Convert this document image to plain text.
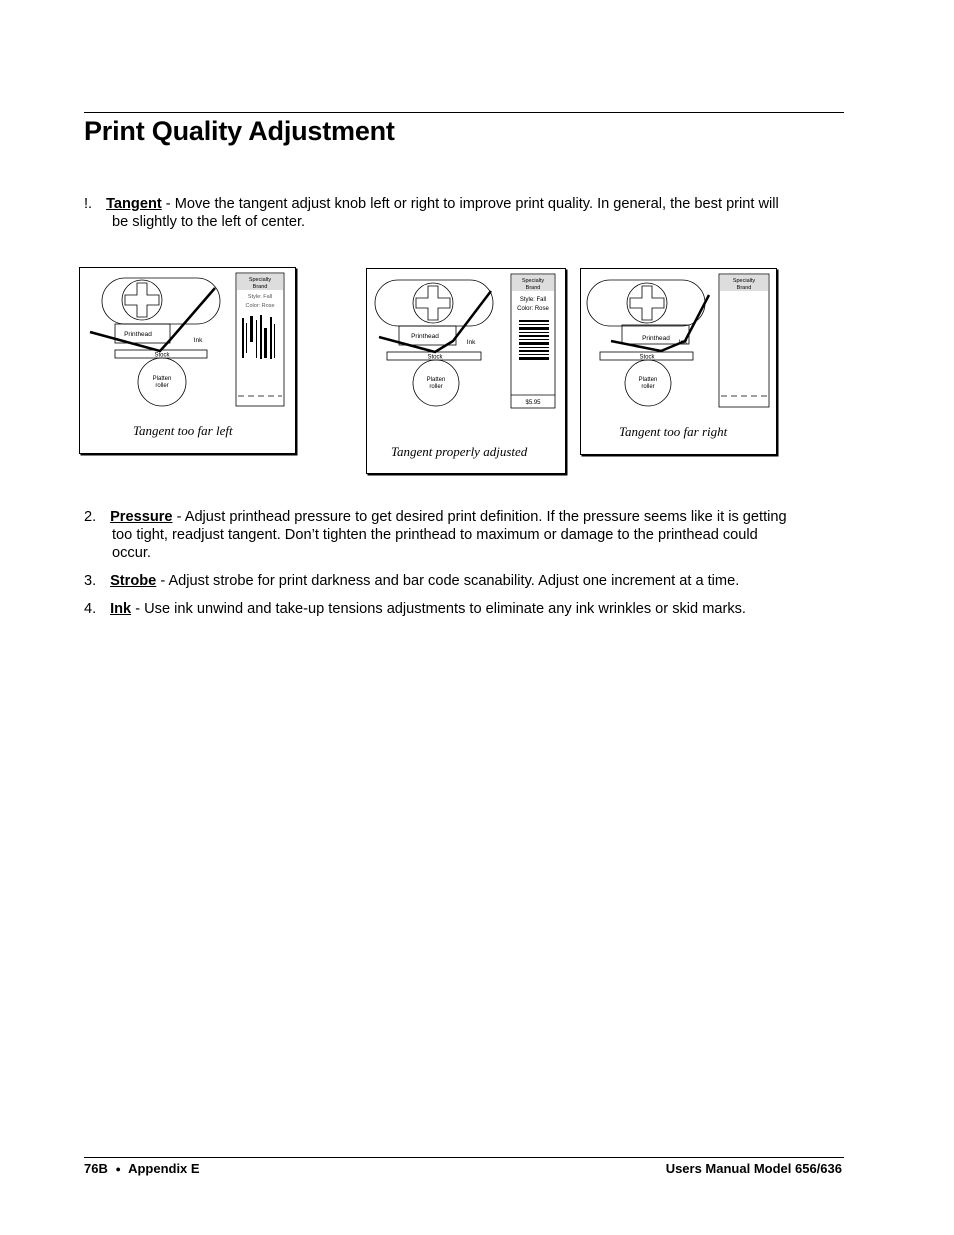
Print Quality Adjustment
!. Tangent - Move the tangent adjust knob left or right to improve print quality. In general, the best print will
be slightly to the left of center.
Printhead
Ink
Stock
Platten
roller
Specialty
Brand
Style: Fall
Color: Rose
Tangent too far left
Printhead
Ink
Stock
Platten
roller
Specialty
Brand
Style: Fall
Color: Rose
$5.95
Tangent properly adjusted
Printhead
Ink
Stock
Platten
roller
Specialty
Brand
Tangent too far right
2. Pressure - Adjust printhead pressure to get desired print definition. If the pressure seems like it is getting
too tight, readjust tangent. Don’t tighten the printhead to maximum or damage to the printhead could
occur.
3. Strobe - Adjust strobe for print darkness and bar code scanability. Adjust one increment at a time.
4. Ink - Use ink unwind and take-up tensions adjustments to eliminate any ink wrinkles or skid marks.
76B ● Appendix E	Users Manual Model 656/636
